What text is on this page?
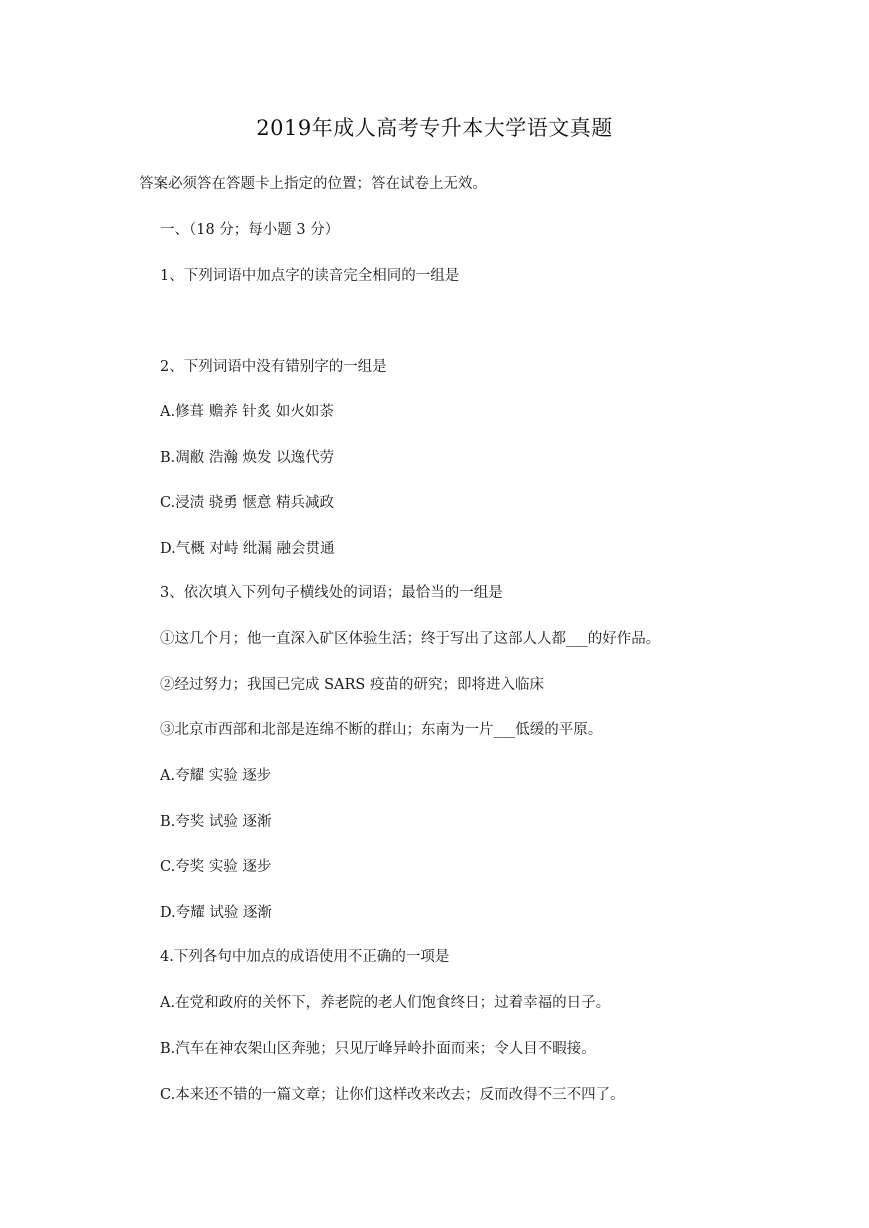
2019年成人高考专升本大学语文真题
答案必须答在答题卡上指定的位置；答在试卷上无效。
一、（18 分；每小题 3 分）
1、下列词语中加点字的读音完全相同的一组是
2、下列词语中没有错别字的一组是
A.修葺 赡养 针炙 如火如荼
B.凋敝 浩瀚 焕发 以逸代劳
C.浸渍 骁勇 惬意 精兵减政
D.气概 对峙 纰漏 融会贯通
3、依次填入下列句子横线处的词语；最恰当的一组是
①这几个月；他一直深入矿区体验生活；终于写出了这部人人都___的好作品。
②经过努力；我国已完成 SARS 疫苗的研究；即将进入临床
③北京市西部和北部是连绵不断的群山；东南为一片___低缓的平原。
A.夸耀 实验 逐步
B.夸奖 试验 逐渐
C.夸奖 实验 逐步
D.夸耀 试验 逐渐
4.下列各句中加点的成语使用不正确的一项是
A.在党和政府的关怀下，养老院的老人们饱食终日；过着幸福的日子。
B.汽车在神农架山区奔驰；只见厅峰异岭扑面而来；令人目不暇接。
C.本来还不错的一篇文章；让你们这样改来改去；反而改得不三不四了。
